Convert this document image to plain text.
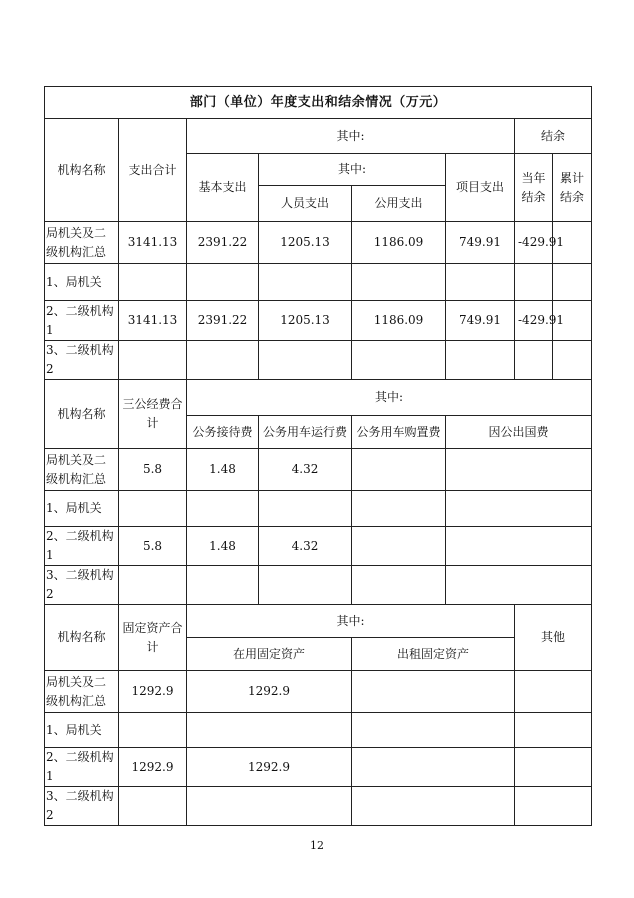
部门（单位）年度支出和结余情况（万元）							
机构名称	支出合计	其中:				结余	
		基本支出	其中:		项目支出	当年结余	累计结余
			人员支出	公用支出			
局机关及二级机构汇总	3141.13	2391.22	1205.13	1186.09	749.91	-429.91	
1、局机关							
2、二级机构1	3141.13	2391.22	1205.13	1186.09	749.91	-429.91	
3、二级机构2							
机构名称	三公经费合计	其中:					
		公务接待费	公务用车运行费	公务用车购置费	因公出国费		
局机关及二级机构汇总	5.8	1.48	4.32				
1、局机关							
2、二级机构1	5.8	1.48	4.32				
3、二级机构2							
机构名称	固定资产合计	其中:				其他	
		在用固定资产		出租固定资产			
局机关及二级机构汇总	1292.9	1292.9					
1、局机关							
2、二级机构1	1292.9	1292.9					
3、二级机构2							
12
